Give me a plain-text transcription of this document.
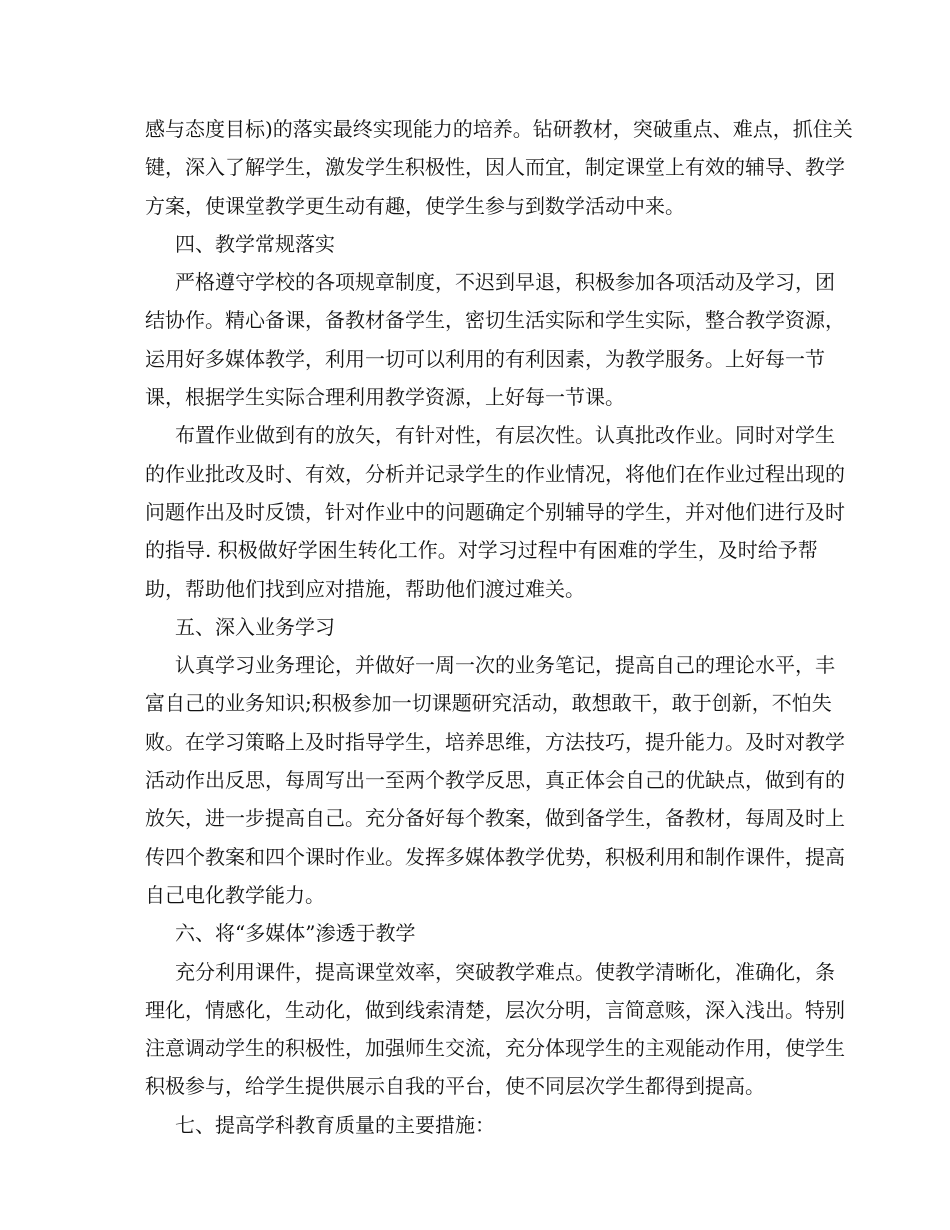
感与态度目标)的落实最终实现能力的培养。钻研教材，突破重点、难点，抓住关
键，深入了解学生，激发学生积极性，因人而宜，制定课堂上有效的辅导、教学
方案，使课堂教学更生动有趣，使学生参与到数学活动中来。
四、教学常规落实
严格遵守学校的各项规章制度，不迟到早退，积极参加各项活动及学习，团
结协作。精心备课，备教材备学生，密切生活实际和学生实际，整合教学资源，
运用好多媒体教学，利用一切可以利用的有利因素，为教学服务。上好每一节
课，根据学生实际合理利用教学资源，上好每一节课。
布置作业做到有的放矢，有针对性，有层次性。认真批改作业。同时对学生
的作业批改及时、有效，分析并记录学生的作业情况，将他们在作业过程出现的
问题作出及时反馈，针对作业中的问题确定个别辅导的学生，并对他们进行及时
的指导. 积极做好学困生转化工作。对学习过程中有困难的学生，及时给予帮
助，帮助他们找到应对措施，帮助他们渡过难关。
五、深入业务学习
认真学习业务理论，并做好一周一次的业务笔记，提高自己的理论水平，丰
富自己的业务知识;积极参加一切课题研究活动，敢想敢干，敢于创新，不怕失
败。在学习策略上及时指导学生，培养思维，方法技巧，提升能力。及时对教学
活动作出反思，每周写出一至两个教学反思，真正体会自己的优缺点，做到有的
放矢，进一步提高自己。充分备好每个教案，做到备学生，备教材，每周及时上
传四个教案和四个课时作业。发挥多媒体教学优势，积极利用和制作课件，提高
自己电化教学能力。
六、将“多媒体”渗透于教学
充分利用课件，提高课堂效率，突破教学难点。使教学清晰化，准确化，条
理化，情感化，生动化，做到线索清楚，层次分明，言简意赅，深入浅出。特别
注意调动学生的积极性，加强师生交流，充分体现学生的主观能动作用，使学生
积极参与，给学生提供展示自我的平台，使不同层次学生都得到提高。
七、提高学科教育质量的主要措施：
